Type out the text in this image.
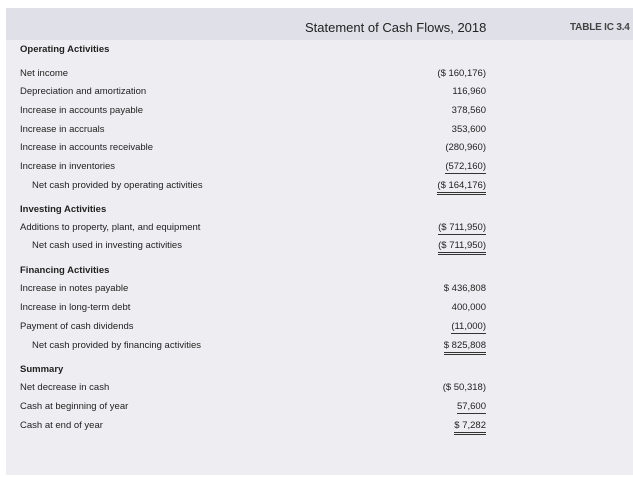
Statement of Cash Flows, 2018	TABLE IC 3.4
Operating Activities
Net income	($ 160,176)
Depreciation and amortization	116,960
Increase in accounts payable	378,560
Increase in accruals	353,600
Increase in accounts receivable	(280,960)
Increase in inventories	(572,160)
Net cash provided by operating activities	($ 164,176)
Investing Activities
Additions to property, plant, and equipment	($ 711,950)
Net cash used in investing activities	($ 711,950)
Financing Activities
Increase in notes payable	$ 436,808
Increase in long-term debt	400,000
Payment of cash dividends	(11,000)
Net cash provided by financing activities	$ 825,808
Summary
Net decrease in cash	($ 50,318)
Cash at beginning of year	57,600
Cash at end of year	$ 7,282
